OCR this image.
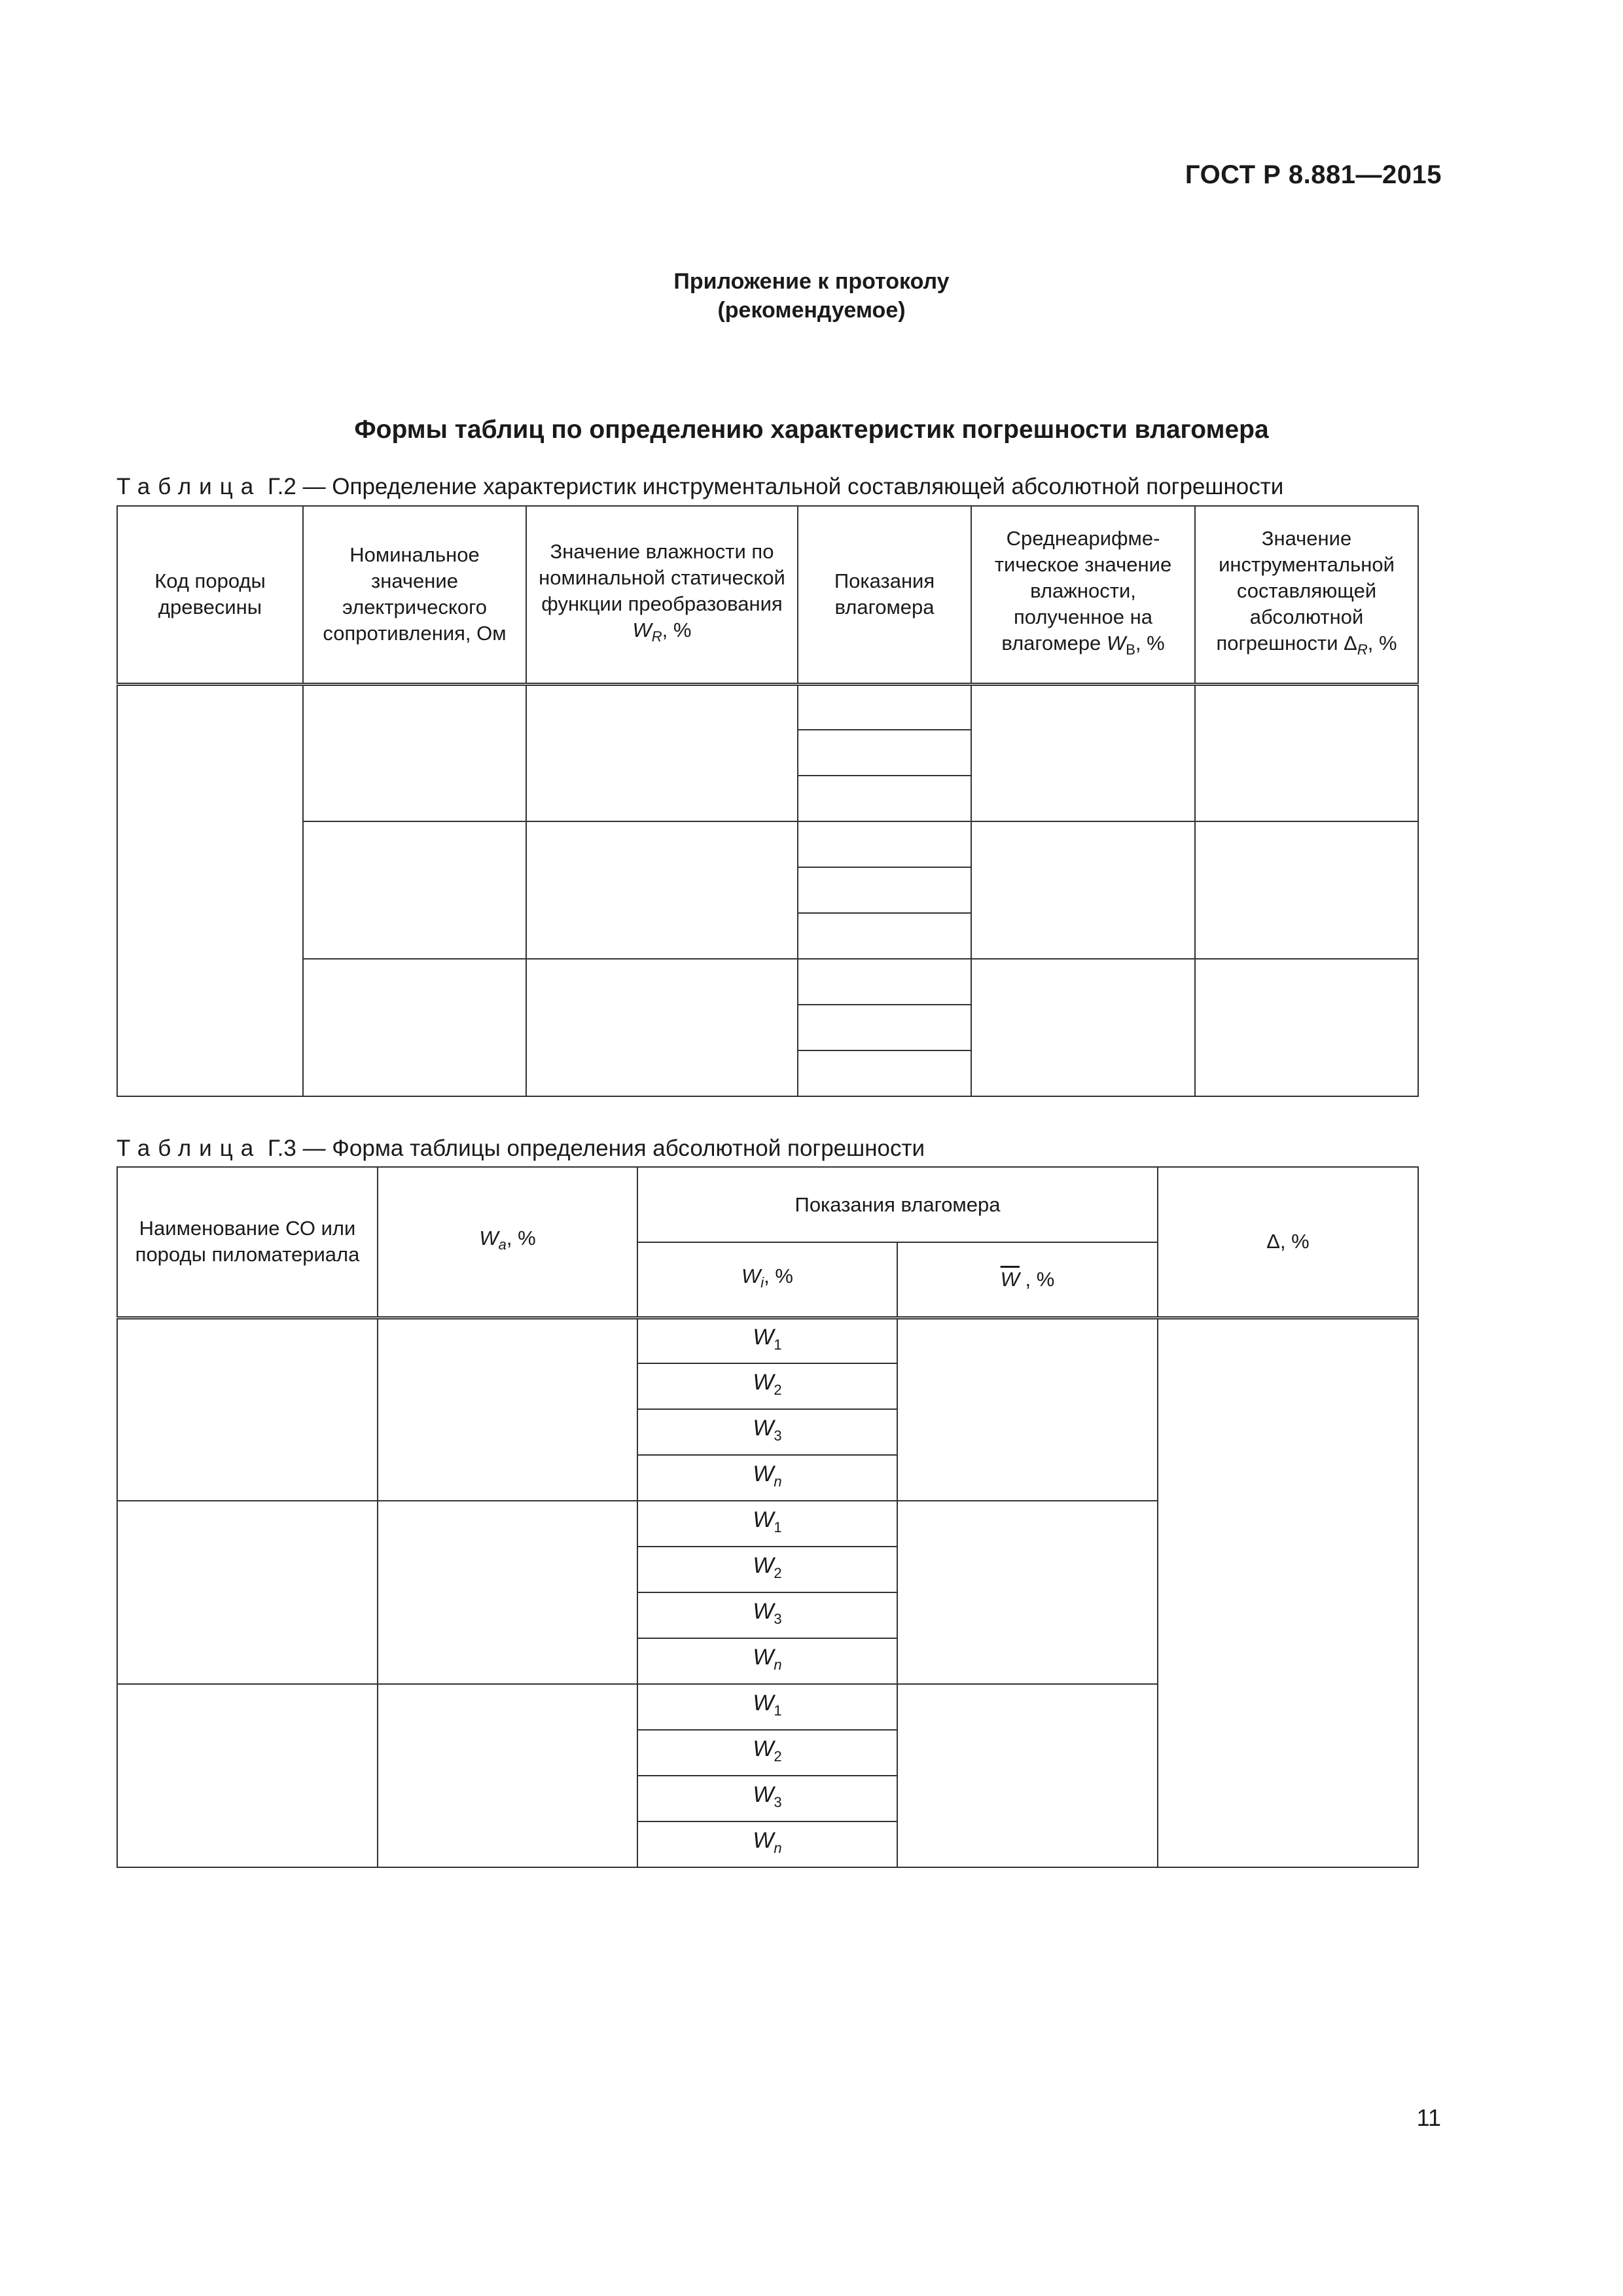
ГОСТ Р 8.881—2015
Приложение к протоколу
(рекомендуемое)
Формы таблиц по определению характеристик погрешности влагомера
Таблица Г.2 — Определение характеристик инструментальной составляющей абсолютной погрешности
Код породы древесины	Номинальное значение электрического сопротивления, Ом	Значение влажности по номинальной статической функции преобразования $W_R$, %	Показания влагомера	Среднеарифме-тическое значение влажности, полученное на влагомере $W_В$, %	Значение инструментальной составляющей абсолютной погрешности $\Delta_R$, %

Таблица Г.3 — Форма таблицы определения абсолютной погрешности
Наименование СО или породы пиломатериала	$W_a$, %	Показания влагомера		Δ, %
		$W_i$, %	$\overline{W}$ , %	
		$W_1$		
		$W_2$
		$W_3$
		$W_n$
		$W_1$	
		$W_2$
		$W_3$
		$W_n$
		$W_1$	
		$W_2$
		$W_3$
		$W_n$
11
